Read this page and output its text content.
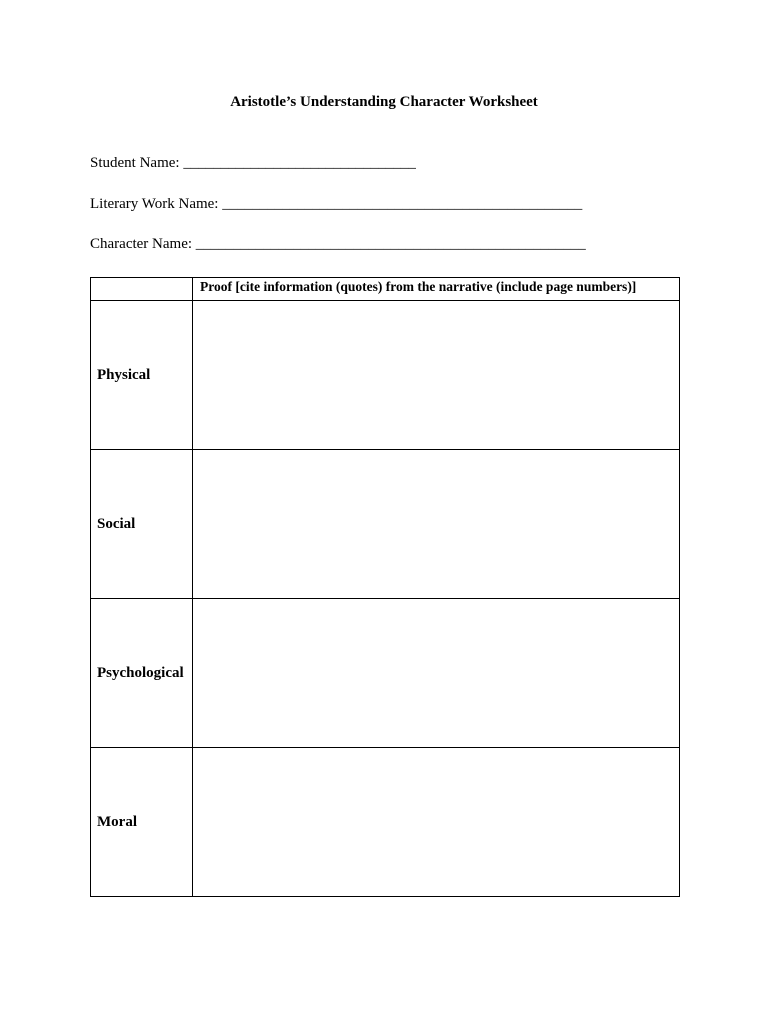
Aristotle’s Understanding Character Worksheet
Student Name: _______________________________
Literary Work Name: ________________________________________________
Character Name: ____________________________________________________
	Proof [cite information (quotes) from the narrative (include page numbers)]
Physical	
Social	
Psychological	
Moral	
